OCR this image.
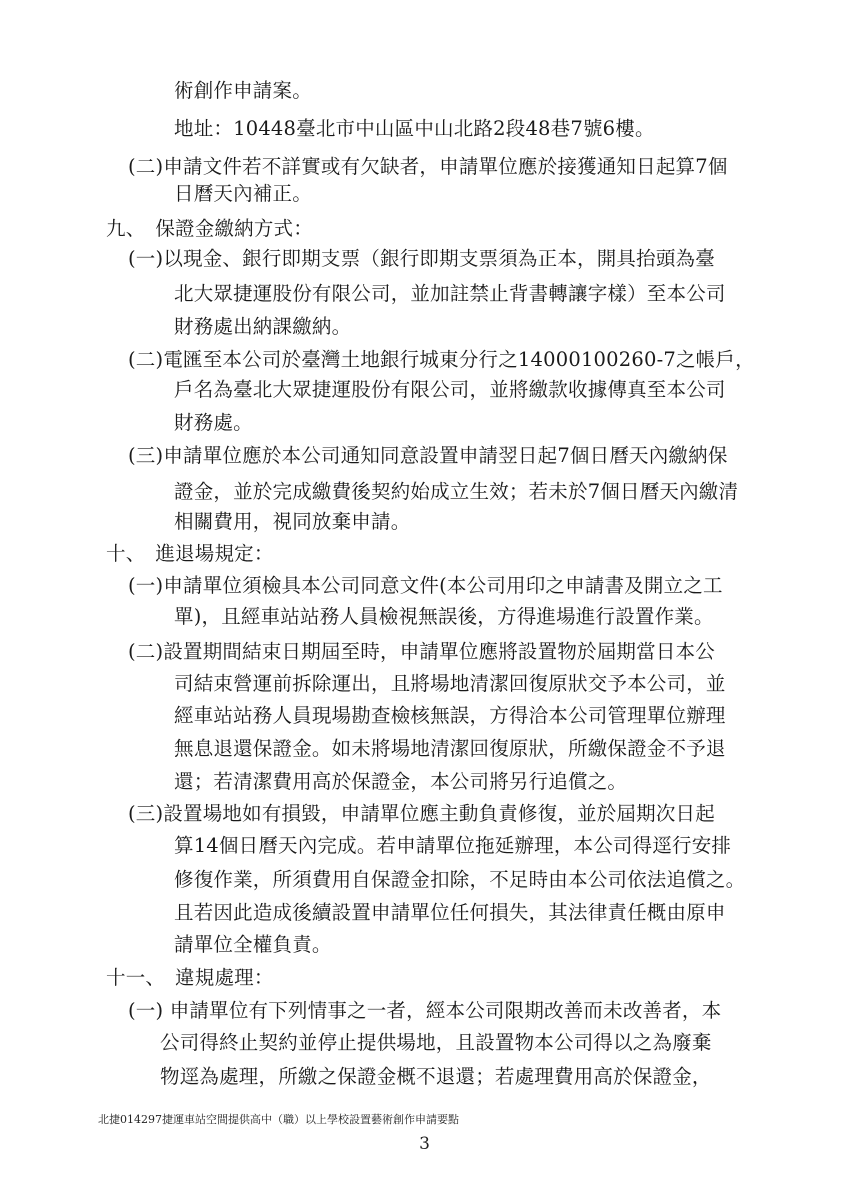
術創作申請案。
地址：10448臺北市中山區中山北路2段48巷7號6樓。
(二)申請文件若不詳實或有欠缺者，申請單位應於接獲通知日起算7個
日曆天內補正。
九、　保證金繳納方式：
(一)以現金、銀行即期支票（銀行即期支票須為正本，開具抬頭為臺
北大眾捷運股份有限公司，並加註禁止背書轉讓字樣）至本公司
財務處出納課繳納。
(二)電匯至本公司於臺灣土地銀行城東分行之14000100260-7之帳戶，
戶名為臺北大眾捷運股份有限公司，並將繳款收據傳真至本公司
財務處。
(三)申請單位應於本公司通知同意設置申請翌日起7個日曆天內繳納保
證金，並於完成繳費後契約始成立生效；若未於7個日曆天內繳清
相關費用，視同放棄申請。
十、　進退場規定：
(一)申請單位須檢具本公司同意文件(本公司用印之申請書及開立之工
單)，且經車站站務人員檢視無誤後，方得進場進行設置作業。
(二)設置期間結束日期屆至時，申請單位應將設置物於屆期當日本公
司結束營運前拆除運出，且將場地清潔回復原狀交予本公司，並
經車站站務人員現場勘查檢核無誤，方得洽本公司管理單位辦理
無息退還保證金。如未將場地清潔回復原狀，所繳保證金不予退
還；若清潔費用高於保證金，本公司將另行追償之。
(三)設置場地如有損毀，申請單位應主動負責修復，並於屆期次日起
算14個日曆天內完成。若申請單位拖延辦理，本公司得逕行安排
修復作業，所須費用自保證金扣除，不足時由本公司依法追償之。
且若因此造成後續設置申請單位任何損失，其法律責任概由原申
請單位全權負責。
十一、　違規處理：
(一) 申請單位有下列情事之一者，經本公司限期改善而未改善者，本
公司得終止契約並停止提供場地，且設置物本公司得以之為廢棄
物逕為處理，所繳之保證金概不退還；若處理費用高於保證金，
北捷014297捷運車站空間提供高中（職）以上學校設置藝術創作申請要點
3
